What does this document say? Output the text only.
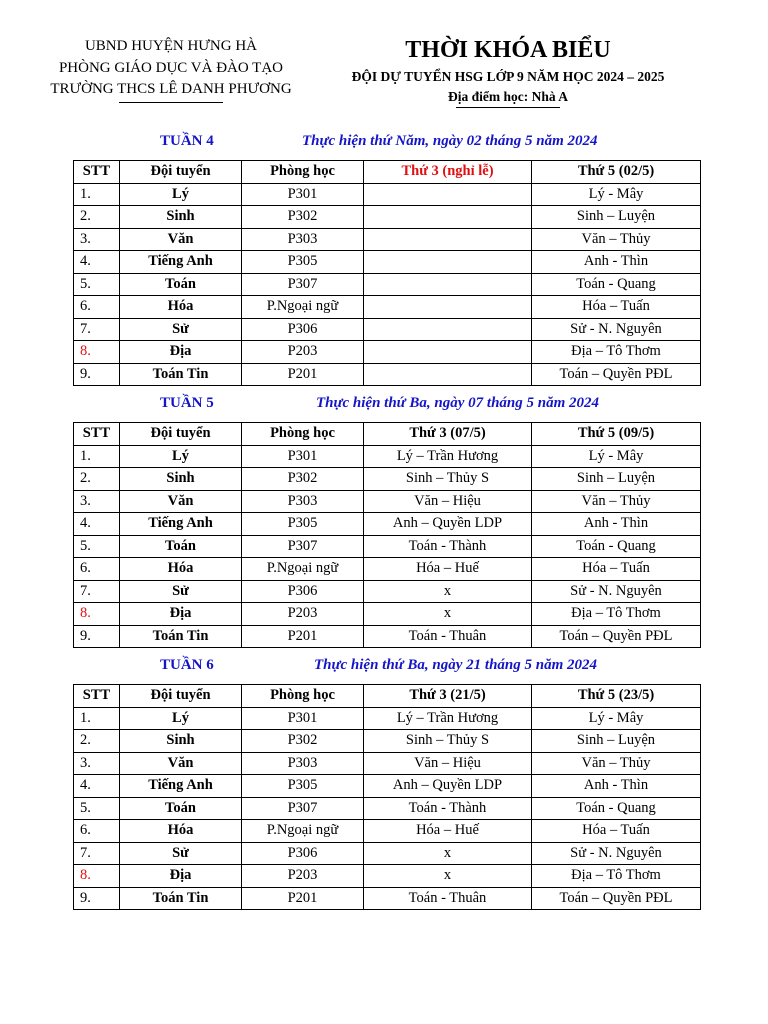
UBND HUYỆN HƯNG HÀ
PHÒNG GIÁO DỤC VÀ ĐÀO TẠO
TRƯỜNG THCS LÊ DANH PHƯƠNG
THỜI KHÓA BIỂU
ĐỘI DỰ TUYỂN HSG LỚP 9 NĂM HỌC 2024 – 2025
Địa điểm học: Nhà A
TUẦN 4	Thực hiện thứ Năm, ngày 02 tháng 5 năm 2024
STT	Đội tuyển	Phòng học	Thứ 3 (nghỉ lễ)	Thứ 5 (02/5)
1.	Lý	P301		Lý - Mây
2.	Sinh	P302		Sinh – Luyện
3.	Văn	P303		Văn – Thủy
4.	Tiếng Anh	P305		Anh - Thìn
5.	Toán	P307		Toán - Quang
6.	Hóa	P.Ngoại ngữ		Hóa – Tuấn
7.	Sử	P306		Sử - N. Nguyên
8.	Địa	P203		Địa – Tô Thơm
9.	Toán Tin	P201		Toán – Quyền PĐL
TUẦN 5	Thực hiện thứ Ba, ngày 07 tháng 5 năm 2024
STT	Đội tuyển	Phòng học	Thứ 3 (07/5)	Thứ 5 (09/5)
1.	Lý	P301	Lý – Trần Hương	Lý - Mây
2.	Sinh	P302	Sinh – Thủy S	Sinh – Luyện
3.	Văn	P303	Văn – Hiệu	Văn – Thủy
4.	Tiếng Anh	P305	Anh – Quyền LDP	Anh - Thìn
5.	Toán	P307	Toán - Thành	Toán - Quang
6.	Hóa	P.Ngoại ngữ	Hóa – Huế	Hóa – Tuấn
7.	Sử	P306	x	Sử - N. Nguyên
8.	Địa	P203	x	Địa – Tô Thơm
9.	Toán Tin	P201	Toán - Thuân	Toán – Quyền PĐL
TUẦN 6	Thực hiện thứ Ba, ngày 21 tháng 5 năm 2024
STT	Đội tuyển	Phòng học	Thứ 3 (21/5)	Thứ 5 (23/5)
1.	Lý	P301	Lý – Trần Hương	Lý - Mây
2.	Sinh	P302	Sinh – Thủy S	Sinh – Luyện
3.	Văn	P303	Văn – Hiệu	Văn – Thủy
4.	Tiếng Anh	P305	Anh – Quyền LDP	Anh - Thìn
5.	Toán	P307	Toán - Thành	Toán - Quang
6.	Hóa	P.Ngoại ngữ	Hóa – Huế	Hóa – Tuấn
7.	Sử	P306	x	Sử - N. Nguyên
8.	Địa	P203	x	Địa – Tô Thơm
9.	Toán Tin	P201	Toán - Thuân	Toán – Quyền PĐL
